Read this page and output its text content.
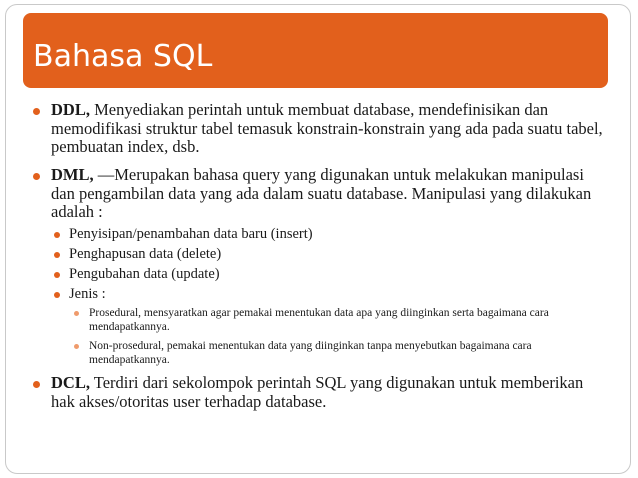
Bahasa SQL
DDL, Menyediakan perintah untuk membuat database, mendefinisikan dan memodifikasi struktur tabel temasuk konstrain-konstrain yang ada pada suatu tabel, pembuatan index, dsb.
DML, —Merupakan bahasa query yang digunakan untuk melakukan manipulasi dan pengambilan data yang ada dalam suatu database. Manipulasi yang dilakukan adalah :
Penyisipan/penambahan data baru (insert)
Penghapusan data (delete)
Pengubahan data (update)
Jenis :
Prosedural, mensyaratkan agar pemakai menentukan data apa yang diinginkan serta bagaimana cara mendapatkannya.
Non-prosedural, pemakai menentukan data yang diinginkan tanpa menyebutkan bagaimana cara mendapatkannya.
DCL, Terdiri dari sekolompok perintah SQL yang digunakan untuk memberikan hak akses/otoritas user terhadap database.
